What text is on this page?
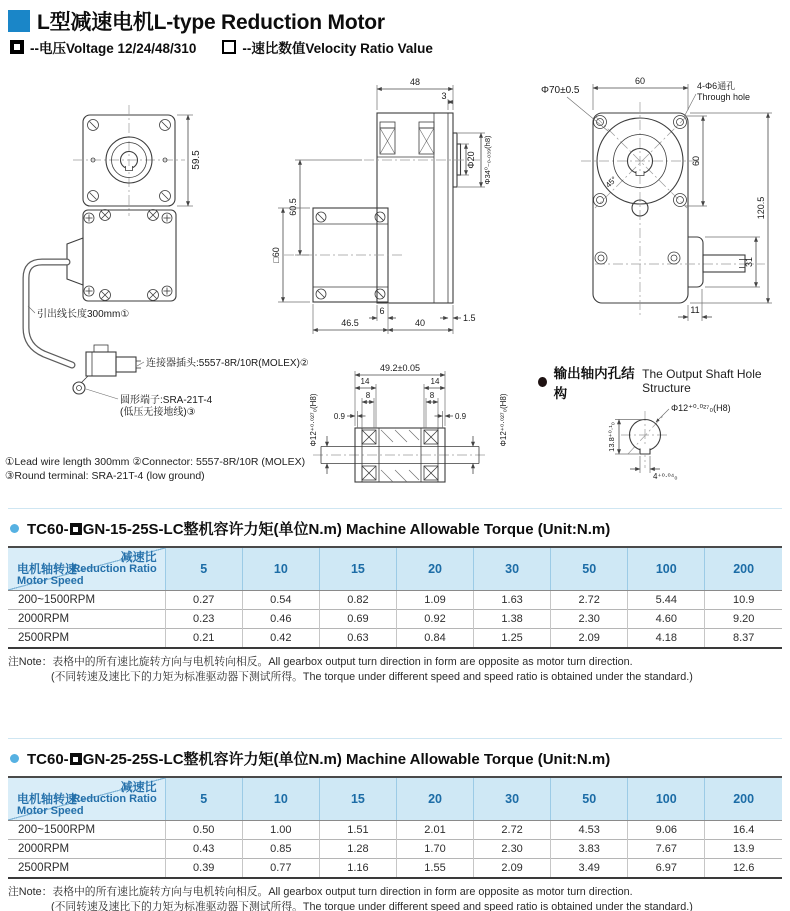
L型减速电机L-type Reduction Motor
--电压Voltage 12/24/48/310	--速比数值Velocity Ratio Value
59.5
引出线长度300mm①
连接器插头:5557-8R/10R(MOLEX)②
圆形端子:SRA-21T-4
(低压无接地线)③
①Lead wire length 300mm ②Connector: 5557-8R/10R (MOLEX)
③Round terminal: SRA-21T-4 (low ground)
48
3
Φ20 Φ34⁰₋₀.₀₃₉(h8)
60.5
□60
6
1.5
46.5	40
45°
Φ70±0.5
60	4-Φ6通孔
Through hole
60
120.5
31
11
49.2±0.05
14	14
8	8
0.9	0.9
Φ12⁺⁰·⁰²⁷₀(H8)	Φ12⁺⁰·⁰²⁷₀(H8)
输出轴内孔结构
The Output Shaft Hole Structure
Φ12⁺⁰·⁰²⁷₀(H8)
13.8⁺⁰·¹₀
4⁺⁰·⁰⁴₀
TC60- GN-15-25S-LC整机容许力矩(单位N.m) Machine Allowable Torque (Unit:N.m)
减速比
Reduction Ratio
电机轴转速
Motor Speed	5	10	15	20	30	50	100	200
200~1500RPM	0.27	0.54	0.82	1.09	1.63	2.72	5.44	10.9
2000RPM	0.23	0.46	0.69	0.92	1.38	2.30	4.60	9.20
2500RPM	0.21	0.42	0.63	0.84	1.25	2.09	4.18	8.37
注Note：表格中的所有速比旋转方向与电机转向相反。All gearbox output turn direction in form are opposite as motor turn direction.
(不同转速及速比下的力矩为标准驱动器下测试所得。The torque under different speed and speed ratio is obtained under the standard.)
TC60- GN-25-25S-LC整机容许力矩(单位N.m) Machine Allowable Torque (Unit:N.m)
减速比
Reduction Ratio
电机轴转速
Motor Speed	5	10	15	20	30	50	100	200
200~1500RPM	0.50	1.00	1.51	2.01	2.72	4.53	9.06	16.4
2000RPM	0.43	0.85	1.28	1.70	2.30	3.83	7.67	13.9
2500RPM	0.39	0.77	1.16	1.55	2.09	3.49	6.97	12.6
注Note：表格中的所有速比旋转方向与电机转向相反。All gearbox output turn direction in form are opposite as motor turn direction.
(不同转速及速比下的力矩为标准驱动器下测试所得。The torque under different speed and speed ratio is obtained under the standard.)
